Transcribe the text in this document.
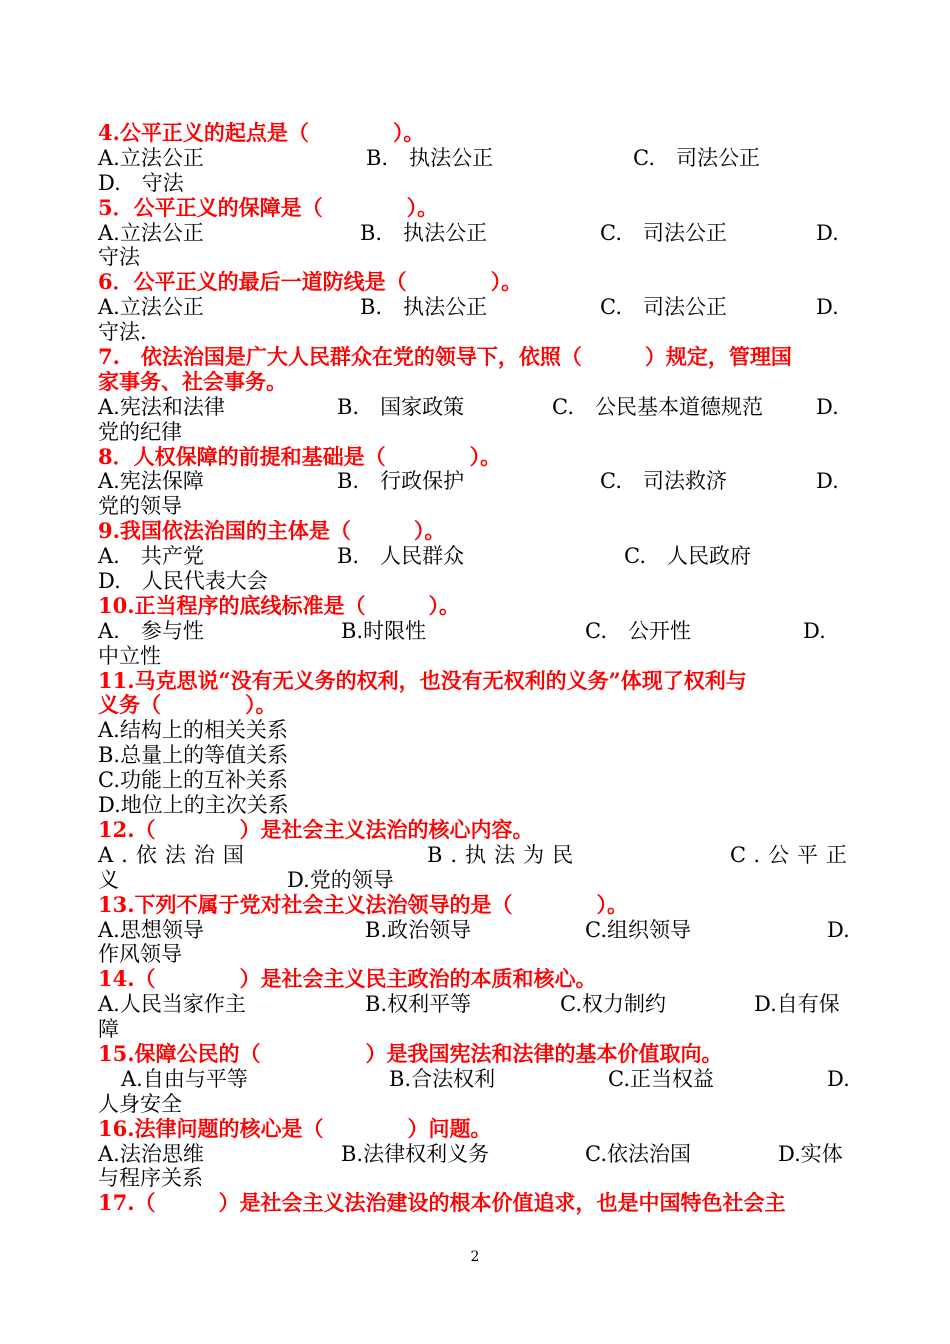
4.公平正义的起点是（　　　　）。

A.立法公正

	B.　执法公正

	C.　司法公正

D.　守法
5．公平正义的保障是（　　　　）。

A.立法公正

	B.　执法公正

	C.　司法公正

	D.

守法
6．公平正义的最后一道防线是（　　　　）。

A.立法公正

	B.　执法公正

	C.　司法公正

	D.

守法.
7.　依法治国是广大人民群众在党的领导下，依照（　　　）规定，管理国
家事务、社会事务。

A.宪法和法律

	B.　国家政策

	C.　公民基本道德规范

	D.

党的纪律
8．人权保障的前提和基础是（　　　　）。

A.宪法保障

	B.　行政保护

	C.　司法救济

	D.

党的领导
9.我国依法治国的主体是（　　　）。

A.　共产党

	B.　人民群众

	C.　人民政府

D.　人民代表大会
10.正当程序的底线标准是（　　　）。

A.　参与性

	B.时限性

	C.　公开性

	D.

中立性
11.马克思说“没有无义务的权利，也没有无权利的义务”体现了权利与
义务（　　　　）。
A.结构上的相关关系
B.总量上的等值关系
C.功能上的互补关系
D.地位上的主次关系
12.（　　　　）是社会主义法治的核心内容。

A.依法治国

	B.执法为民

	C.公平正

义

	D.党的领导

13.下列不属于党对社会主义法治领导的是（　　　　）。

A.思想领导

	B.政治领导

	C.组织领导

	D.

作风领导
14.（　　　　）是社会主义民主政治的本质和核心。

A.人民当家作主

	B.权利平等

	C.权力制约

	D.自有保

障
15.保障公民的（　　　　　）是我国宪法和法律的基本价值取向。

A.自由与平等

	B.合法权利

	C.正当权益

	D.

人身安全
16.法律问题的核心是（　　　　）问题。

A.法治思维

	B.法律权利义务

	C.依法治国

	D.实体

与程序关系
17.（　　　）是社会主义法治建设的根本价值追求，也是中国特色社会主
2
